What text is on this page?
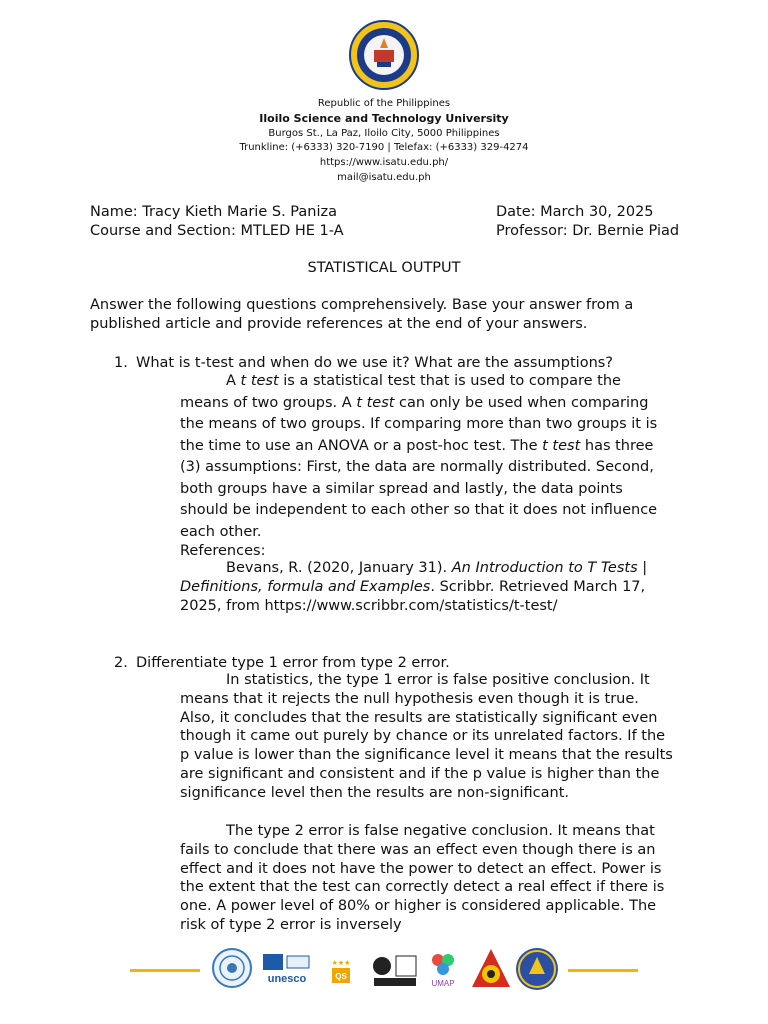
Republic of the Philippines
Iloilo Science and Technology University
Burgos St., La Paz, Iloilo City, 5000 Philippines
Trunkline: (+6333) 320-7190 | Telefax: (+6333) 329-4274
https://www.isatu.edu.ph/
mail@isatu.edu.ph
Name: Tracy Kieth Marie S. Paniza
Course and Section: MTLED HE 1-A
Date: March 30, 2025
Professor: Dr. Bernie Piad
STATISTICAL OUTPUT
Answer the following questions comprehensively. Base your answer from a published article and provide references at the end of your answers.
1. What is t-test and when do we use it? What are the assumptions?
A t test is a statistical test that is used to compare the means of two groups. A t test can only be used when comparing the means of two groups. If comparing more than two groups it is the time to use an ANOVA or a post-hoc test. The t test has three (3) assumptions: First, the data are normally distributed. Second, both groups have a similar spread and lastly, the data points should be independent to each other so that it does not influence each other.
References:
Bevans, R. (2020, January 31). An Introduction to T Tests | Definitions, formula and Examples. Scribbr. Retrieved March 17, 2025, from https://www.scribbr.com/statistics/t-test/
2. Differentiate type 1 error from type 2 error.
In statistics, the type 1 error is false positive conclusion. It means that it rejects the null hypothesis even though it is true. Also, it concludes that the results are statistically significant even though it came out purely by chance or its unrelated factors. If the p value is lower than the significance level it means that the results are significant and consistent and if the p value is higher than the significance level then the results are non-significant.
The type 2 error is false negative conclusion. It means that fails to conclude that there was an effect even though there is an effect and it does not have the power to detect an effect. Power is the extent that the test can correctly detect a real effect if there is one. A power level of 80% or higher is considered applicable. The risk of type 2 error is inversely
unesco
★★★
QS
UMAP
